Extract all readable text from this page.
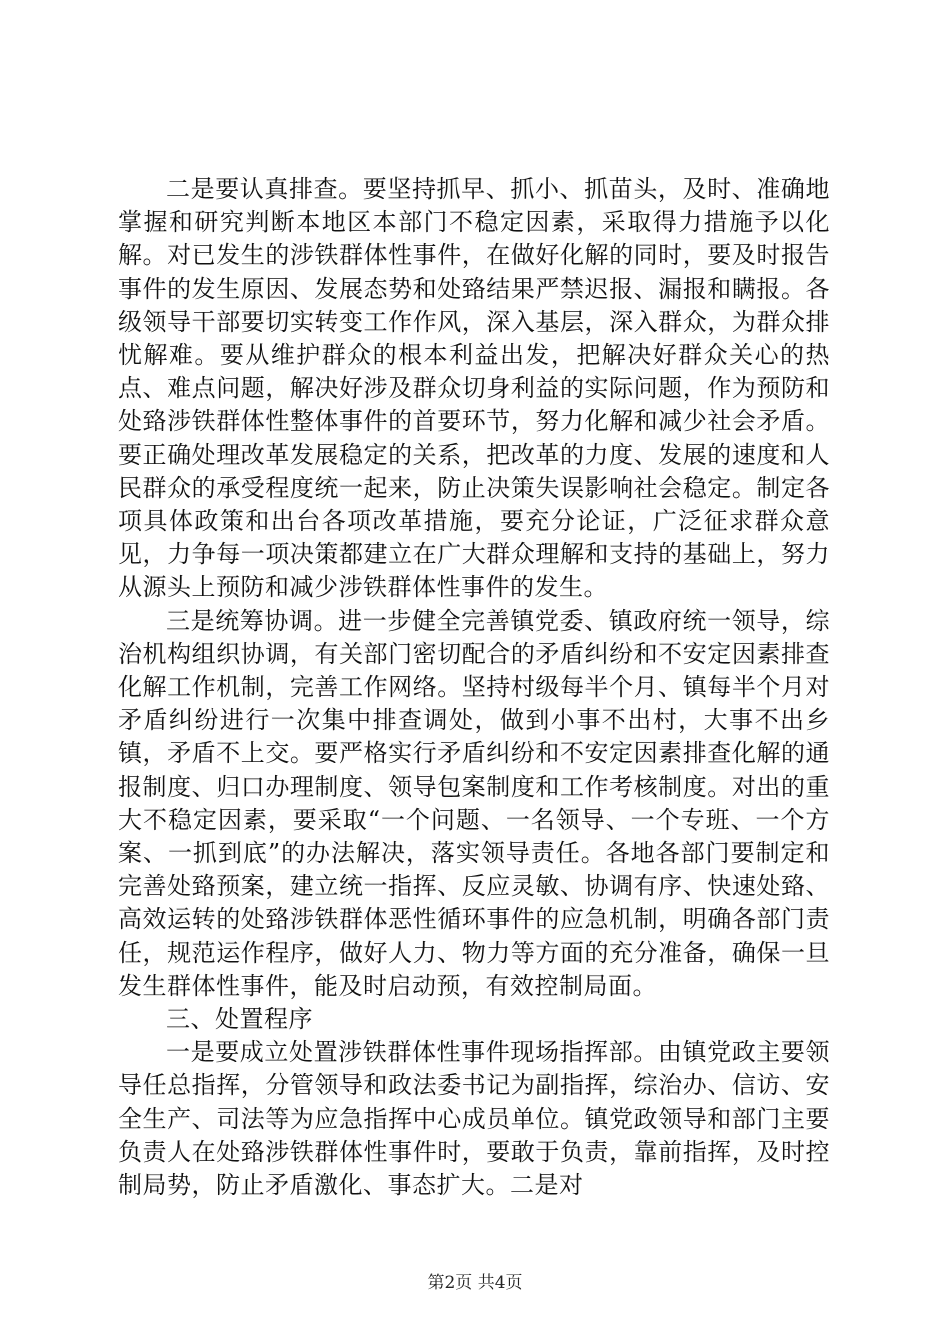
二是要认真排查。要坚持抓早、抓小、抓苗头，及时、准确地掌握和研究判断本地区本部门不稳定因素，采取得力措施予以化解。对已发生的涉铁群体性事件，在做好化解的同时，要及时报告事件的发生原因、发展态势和处臵结果严禁迟报、漏报和瞒报。各级领导干部要切实转变工作作风，深入基层，深入群众，为群众排忧解难。要从维护群众的根本利益出发，把解决好群众关心的热点、难点问题，解决好涉及群众切身利益的实际问题，作为预防和处臵涉铁群体性整体事件的首要环节，努力化解和减少社会矛盾。要正确处理改革发展稳定的关系，把改革的力度、发展的速度和人民群众的承受程度统一起来，防止决策失误影响社会稳定。制定各项具体政策和出台各项改革措施，要充分论证，广泛征求群众意见，力争每一项决策都建立在广大群众理解和支持的基础上，努力从源头上预防和减少涉铁群体性事件的发生。

三是统筹协调。进一步健全完善镇党委、镇政府统一领导，综治机构组织协调，有关部门密切配合的矛盾纠纷和不安定因素排查化解工作机制，完善工作网络。坚持村级每半个月、镇每半个月对矛盾纠纷进行一次集中排查调处，做到小事不出村，大事不出乡镇，矛盾不上交。要严格实行矛盾纠纷和不安定因素排查化解的通报制度、归口办理制度、领导包案制度和工作考核制度。对出的重大不稳定因素，要采取“一个问题、一名领导、一个专班、一个方案、一抓到底”的办法解决，落实领导责任。各地各部门要制定和完善处臵预案，建立统一指挥、反应灵敏、协调有序、快速处臵、高效运转的处臵涉铁群体恶性循环事件的应急机制，明确各部门责任，规范运作程序，做好人力、物力等方面的充分准备，确保一旦发生群体性事件，能及时启动预，有效控制局面。

三、处置程序

一是要成立处置涉铁群体性事件现场指挥部。由镇党政主要领导任总指挥，分管领导和政法委书记为副指挥，综治办、信访、安全生产、司法等为应急指挥中心成员单位。镇党政领导和部门主要负责人在处臵涉铁群体性事件时，要敢于负责，靠前指挥，及时控制局势，防止矛盾激化、事态扩大。二是对

第2页 共4页
